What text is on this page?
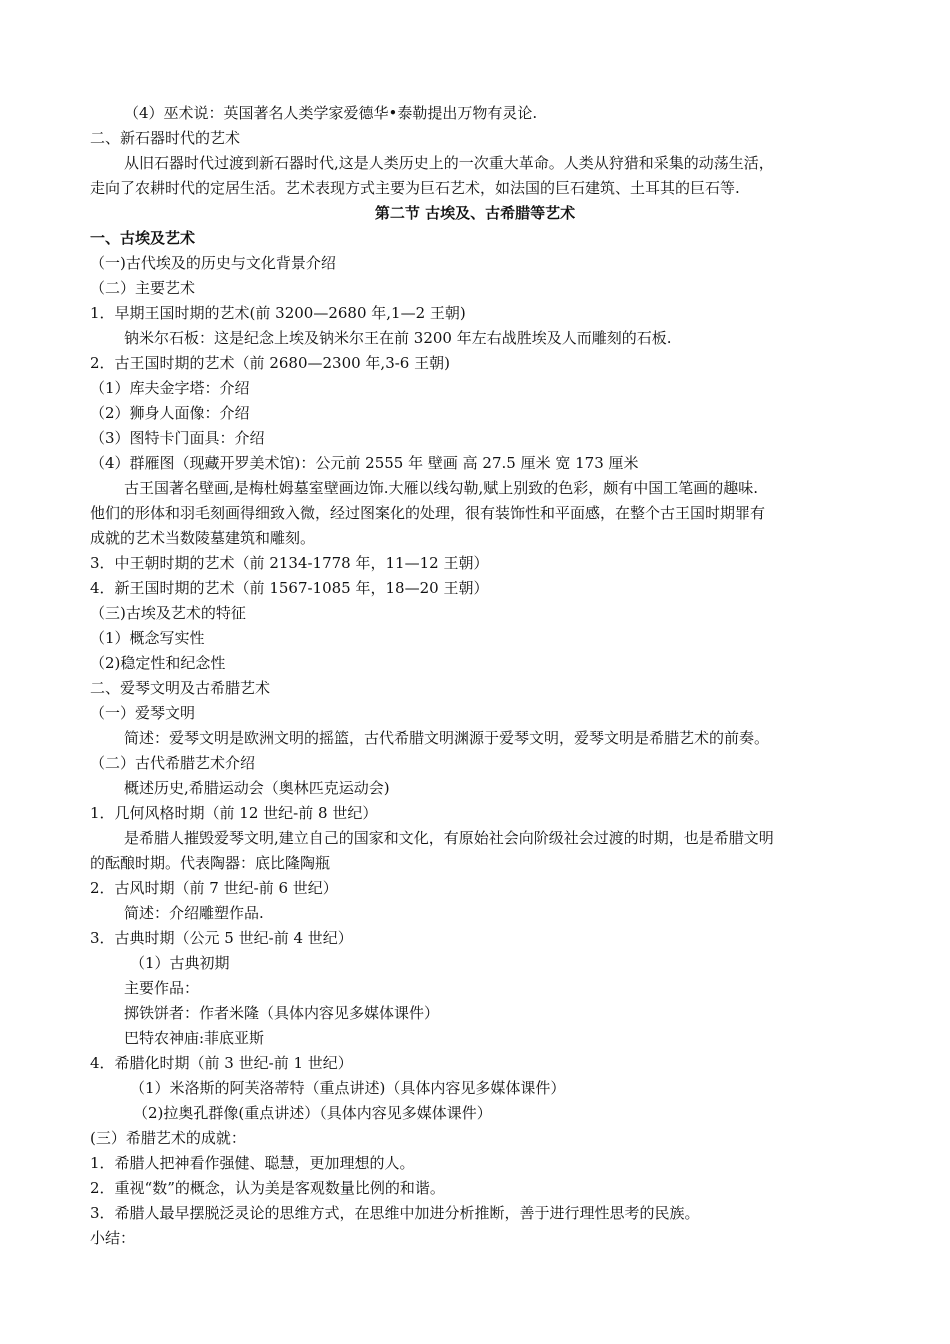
（4）巫术说：英国著名人类学家爱德华•泰勒提出万物有灵论.
二、新石器时代的艺术
从旧石器时代过渡到新石器时代,这是人类历史上的一次重大革命。人类从狩猎和采集的动荡生活，
走向了农耕时代的定居生活。艺术表现方式主要为巨石艺术，如法国的巨石建筑、土耳其的巨石等.
第二节 古埃及、古希腊等艺术
一、古埃及艺术
（一)古代埃及的历史与文化背景介绍
（二）主要艺术
1．早期王国时期的艺术(前 3200—2680 年,1—2 王朝)
钠米尔石板：这是纪念上埃及钠米尔王在前 3200 年左右战胜埃及人而雕刻的石板.
2．古王国时期的艺术（前 2680—2300 年,3-6 王朝)
（1）库夫金字塔：介绍
（2）狮身人面像：介绍
（3）图特卡门面具：介绍
（4）群雁图（现藏开罗美术馆)：公元前 2555 年 壁画 高 27.5 厘米 宽 173 厘米
古王国著名壁画,是梅杜姆墓室壁画边饰.大雁以线勾勒,赋上别致的色彩，颇有中国工笔画的趣味.
他们的形体和羽毛刻画得细致入微，经过图案化的处理，很有装饰性和平面感，在整个古王国时期罪有
成就的艺术当数陵墓建筑和雕刻。
3．中王朝时期的艺术（前 2134-1778 年，11—12 王朝）
4．新王国时期的艺术（前 1567-1085 年，18—20 王朝）
（三)古埃及艺术的特征
（1）概念写实性
（2)稳定性和纪念性
二、爱琴文明及古希腊艺术
（一）爱琴文明
简述：爱琴文明是欧洲文明的摇篮，古代希腊文明渊源于爱琴文明，爱琴文明是希腊艺术的前奏。
（二）古代希腊艺术介绍
概述历史,希腊运动会（奥林匹克运动会)
1．几何风格时期（前 12 世纪-前 8 世纪）
是希腊人摧毁爱琴文明,建立自己的国家和文化，有原始社会向阶级社会过渡的时期，也是希腊文明
的酝酿时期。代表陶器：底比隆陶瓶
2．古风时期（前 7 世纪-前 6 世纪）
简述：介绍雕塑作品.
3．古典时期（公元 5 世纪-前 4 世纪）
（1）古典初期
主要作品：
掷铁饼者：作者米隆（具体内容见多媒体课件）
巴特农神庙:菲底亚斯
4．希腊化时期（前 3 世纪-前 1 世纪）
（1）米洛斯的阿芙洛蒂特（重点讲述)（具体内容见多媒体课件）
（2)拉奥孔群像(重点讲述）（具体内容见多媒体课件）
(三）希腊艺术的成就：
1．希腊人把神看作强健、聪慧，更加理想的人。
2．重视“数”的概念，认为美是客观数量比例的和谐。
3．希腊人最早摆脱泛灵论的思维方式，在思维中加进分析推断，善于进行理性思考的民族。
小结：
